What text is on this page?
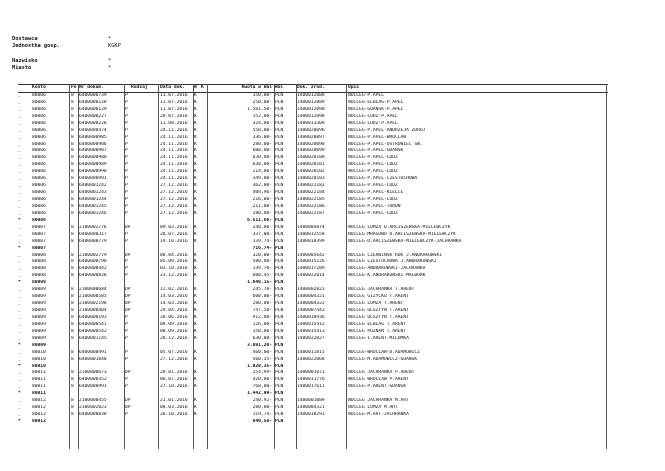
Dostawca	*
Jednostka gosp.	KGKP
Nazwisko	*
Miasto	*
Konto	Po Nr dokum.	Rodzaj	Data dok.	W K	Kwota w Wal Wal	Dok. zród.	Opis
_ 80006	8	6400000739	P	11.07.2016	K	150,00- PLN	1400012088	NOCLEG-P.APEL
_ 80006	8	6400000128	P	11.07.2016	K	250,00- PLN	1400012089	NOCLEG-ELBLAG-P.APEL
_ 80006	8	6400000129	P	11.07.2016	K	1.501,50- PLN	1400012090	NOCLEG-GDANSK-P.APEL
_ 80006	8	6400000227	P	28.07.2016	K	152,00- PLN	1400012098	NOCLEG-LODZ-P.APEL
_ 80006	8	6400000228	P	11.08.2016	K	324,00- PLN	1400013309	NOCLEG-LODZ-P.APEL
_ 80006	8	6400000474	P	24.11.2016	K	550,00- PLN	1400020096	NOCLEG-P.APEL-ANDRZEJA ZDROJ
_ 80006	8	6400000985	P	24.11.2016	K	336,00- PLN	1400020097	NOCLEG-P.APEL-WROCLAW
_ 80006	8	6400000986	P	24.11.2016	K	280,00- PLN	1400020098	NOCLEG-P.APEL-OSTROWIEC SW.
_ 80006	8	6400000987	P	24.11.2016	K	600,00- PLN	1400020099	NOCLEG-P.APEL-GDANSK
_ 80006	8	6400000988	P	24.11.2016	K	630,00- PLN	1400020100	NOCLEG-P.APEL-LODZ
_ 80006	8	6400000989	P	24.11.2016	K	630,00- PLN	1400020101	NOCLEG-P.APEL-LODZ
_ 80006	8	6400000990	P	24.11.2016	K	214,00- PLN	1400020102	NOCLEG-P.APEL-LODZ
_ 80006	8	6400000991	P	24.11.2016	K	349,00- PLN	1400020103	NOCLEG-P.APEL-CZESTOCHOWA
_ 80006	8	6400001242	P	27.12.2016	K	362,00- PLN	1400022183	NOCLEG-P.APEL-LODZ
_ 80006	8	6400001243	P	27.12.2016	K	408,96- PLN	1400022184	NOCLEG-P.APEL-KIELCE
_ 80006	8	6400001244	P	27.12.2016	K	216,00- PLN	1400022185	NOCLEG-P.APEL-LODZ
_ 80006	8	6400001245	P	27.12.2016	K	211,00- PLN	1400022186	NOCLEG-P.APEL-TORUN
_ 80006	8	6400001246	P	27.12.2016	K	280,00- PLN	1400022187	NOCLEG-P.APEL-LODZ
* 80006	6.511,66- PLN
_ 80007	8	2100002776	DP	09.03.2016	K	240,00- PLN	1400004874	NOCLEG LOMZA D.ARCISZEWSKA-MIELEWCZYK
_ 80007	8	6400000317	P	20.07.2016	K	337,00- PLN	1400012558	NOCLEG MRAGOWO D.ARCISZEWSKA-MIELEWCZYK
_ 80007	8	6400000779	P	19.10.2016	K	139,74- PLN	1400018399	NOCLEG-D.ARCISZEWSKA-MIELEWCZYK-JACHRANKA
* 80007	716,74- PLN
_ 80008	8	2100002779	DP	08.04.2016	K	320,00- PLN	1400005642	NOCLEG CZERWINSK ROK J.ANDRAKOWSKI
_ 80008	8	6400000798	P	05.09.2016	K	580,00- PLN	1400015226	NOCLEG CZESTOCHOWA J.ANDRAKOWSKI
_ 80008	8	6400000442	P	03.10.2016	K	139,70- PLN	1400017289	NOCLEG-ANDRAKOWSKI-JACHRANKA
_ 80008	8	6400000828	P	23.12.2016	K	600,45- PLN	1400022014	NOCLEG-K.ANDRAKOWSKI-MALBORK
* 80008	1.640,15- PLN
_ 80009	8	2100000684	DP	12.02.2016	K	245,70- PLN	1400002023	NOCLEG JACHRANKA T.ARENT
_ 80009	8	2100000585	DP	14.03.2016	K	600,00- PLN	1400004321	NOCLEG GIZYCKO T.ARENT
_ 80009	8	2100002198	DP	14.03.2016	K	280,00- PLN	1400004322	NOCLEG LOMZA T.ARENT
_ 80009	8	2100000404	DP	29.04.2016	K	747,50- PLN	1400007443	NOCLEG OLSZTYN T.ARENT
_ 80009	8	6400000193	P	28.06.2016	K	912,00- PLN	1400010936	NOCLEG OLSZTYN T.ARENT
_ 80009	8	6400000541	P	08.09.2016	K	126,00- PLN	1400015412	NOCLEG ELBLAG T.ARENT
_ 80009	8	6400000542	P	08.09.2016	K	150,00- PLN	1400015413	NOCLEG POZNAN T.ARENT
_ 80009	8	6400001145	P	28.12.2016	K	630,00- PLN	1400022027	NOCLEG-I.ARENT-MILOMKA
* 80009	3.691,20- PLN
_ 80010	8	6400000491	P	05.07.2016	K	460,00- PLN	1400011815	NOCLEG-WROCLAW-D.ADAMOWICZ
_ 80010	8	6400001040	P	27.12.2016	K	560,35- PLN	1400022068	NOCLEG-M.ADAMOWICZ-GDANSK
* 80010	1.020,35- PLN
_ 80011	8	2100000673	DP	28.01.2016	K	254,99- PLN	1400001071	NOCLEG JACHRANKA P.ARENT
_ 80011	8	6400000352	P	06.07.2016	K	420,00- PLN	1400011776	NOCLEG WROCLAW P.ARENT
_ 80011	8	6400000991	P	27.10.2016	K	768,00- PLN	1400017611	NOCLEG-P.ARENT-GDANSK
* 80011	1.442,99- PLN
_ 80012	8	2100000455	DP	21.01.2016	K	240,92- PLN	1400001089	NOCLEG JACHRANKA M.ART
_ 80012	8	2100002023	DP	08.03.2016	K	280,00- PLN	1400004321	NOCLEG LOMZA M.ART
_ 80012	8	6400000838	P	28.10.2016	K	119,74- PLN	1400018291	NOCLEG-M.ART-JACHRANKA
* 80012	640,56- PLN
